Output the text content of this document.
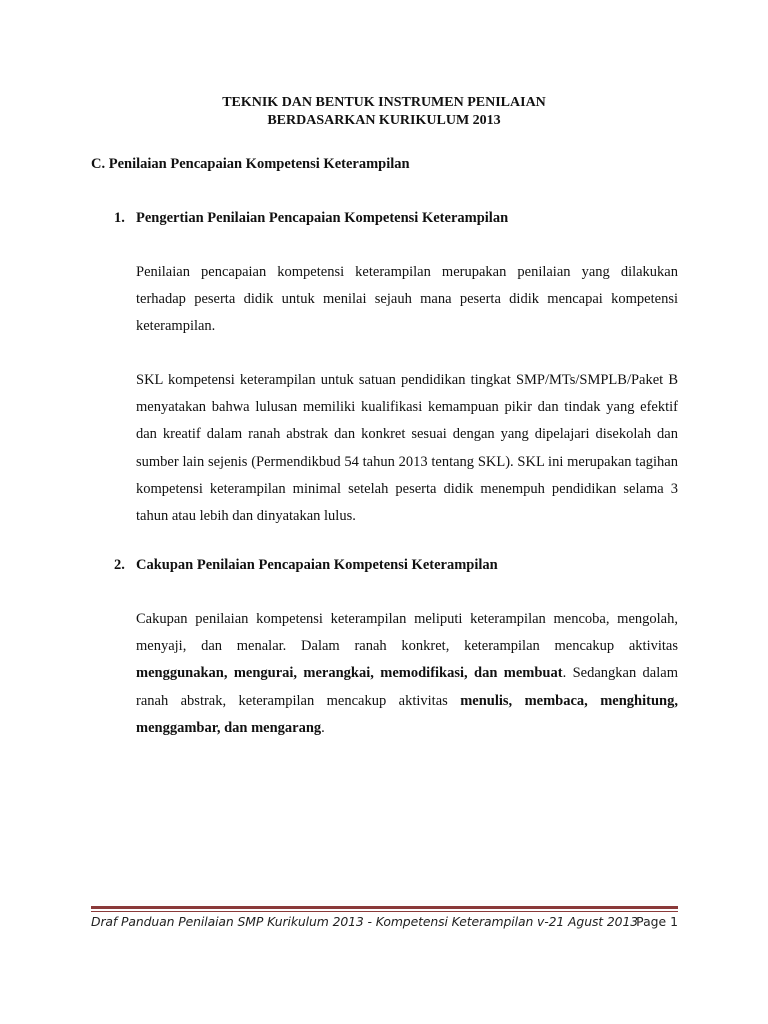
TEKNIK DAN BENTUK INSTRUMEN PENILAIAN
BERDASARKAN KURIKULUM 2013
C. Penilaian Pencapaian Kompetensi Keterampilan
1. Pengertian Penilaian Pencapaian Kompetensi Keterampilan
Penilaian pencapaian kompetensi keterampilan merupakan penilaian yang dilakukan terhadap peserta didik untuk menilai sejauh mana peserta didik mencapai kompetensi keterampilan.
SKL kompetensi keterampilan untuk satuan pendidikan tingkat SMP/MTs/SMPLB/Paket B menyatakan bahwa lulusan memiliki kualifikasi kemampuan pikir dan tindak yang efektif dan kreatif dalam ranah abstrak dan konkret sesuai dengan yang dipelajari disekolah dan sumber lain sejenis (Permendikbud 54 tahun 2013 tentang SKL). SKL ini merupakan tagihan kompetensi keterampilan minimal setelah peserta didik menempuh pendidikan selama 3 tahun atau lebih dan dinyatakan lulus.
2. Cakupan Penilaian Pencapaian Kompetensi Keterampilan
Cakupan penilaian kompetensi keterampilan meliputi keterampilan mencoba, mengolah, menyaji, dan menalar. Dalam ranah konkret, keterampilan mencakup aktivitas menggunakan, mengurai, merangkai, memodifikasi, dan membuat. Sedangkan dalam ranah abstrak, keterampilan mencakup aktivitas menulis, membaca, menghitung, menggambar, dan mengarang.
Draf Panduan Penilaian SMP Kurikulum 2013 - Kompetensi Keterampilan v-21 Agust 2013
Page 1
